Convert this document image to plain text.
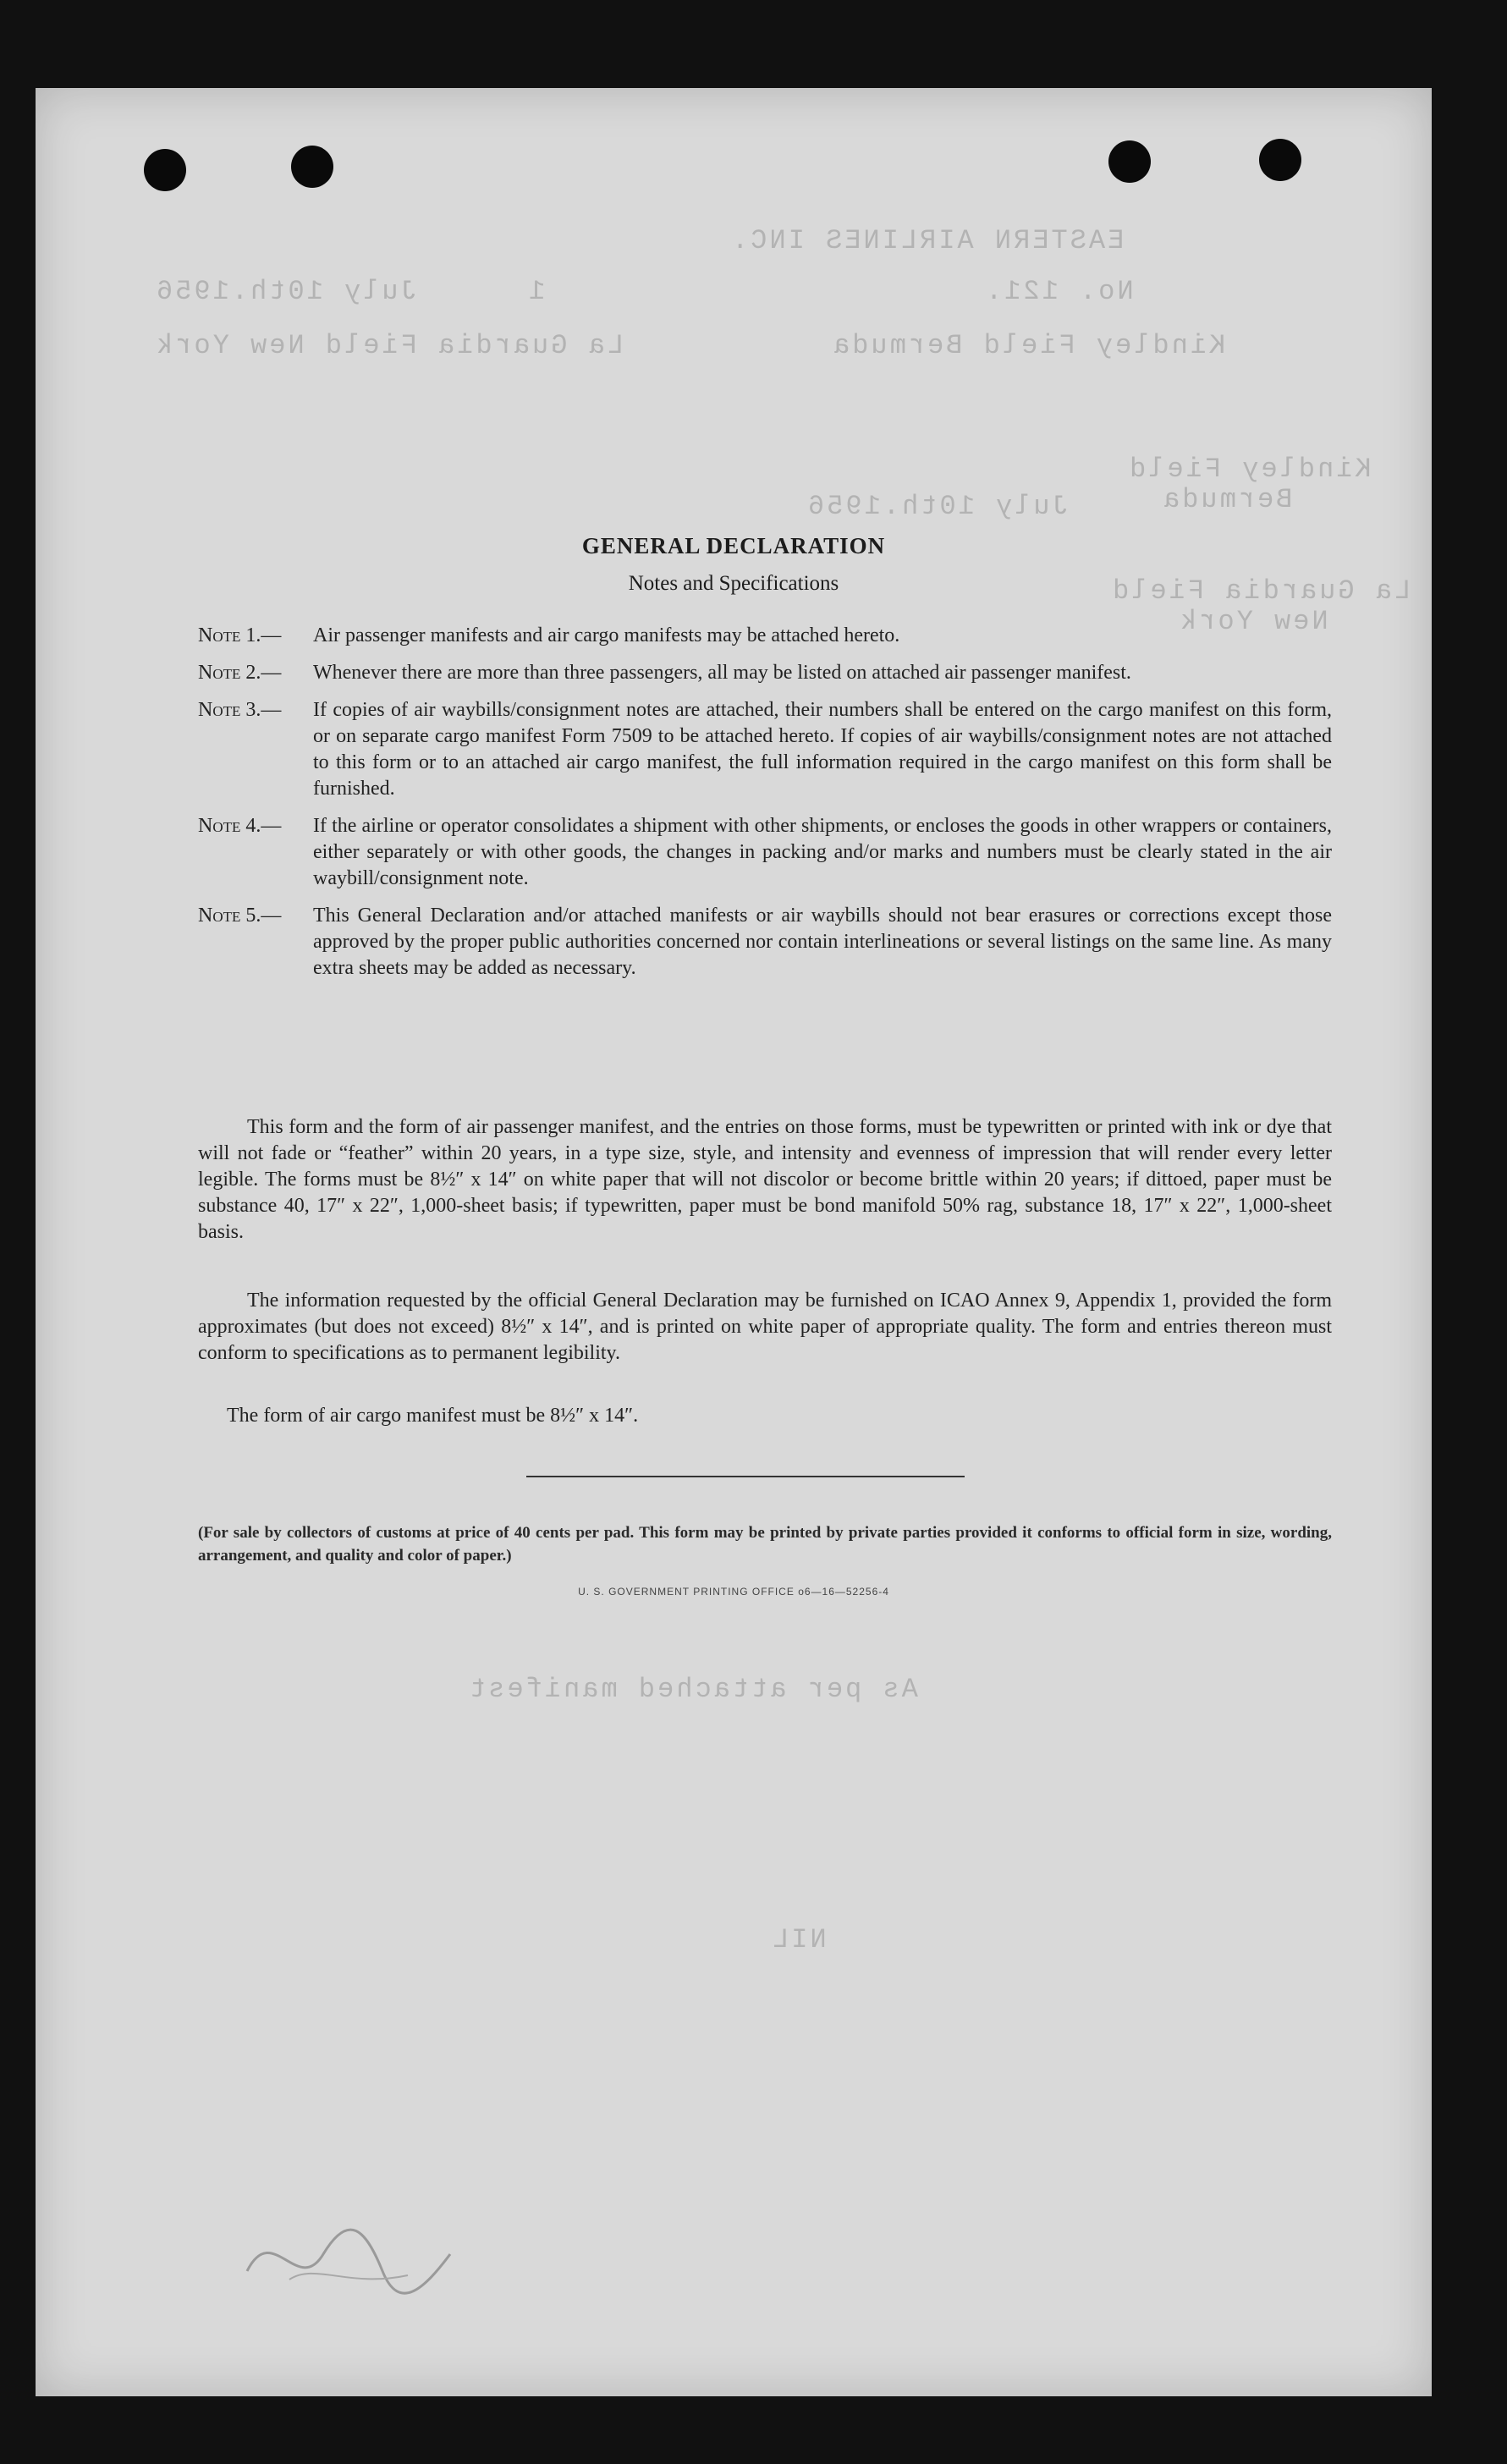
EASTERN AIRLINES INC.
No. 121.
1
July 10th.1956
Kindley Field Bermuda
La Guardia Field New York
Kindley Field
Bermuda
July 10th.1956
La Guardia Field
New York
As per attached manifest
NIL
GENERAL DECLARATION
Notes and Specifications
Note 1.—	Air passenger manifests and air cargo manifests may be attached hereto.
Note 2.—	Whenever there are more than three passengers, all may be listed on attached air passenger manifest.
Note 3.—	If copies of air waybills/consignment notes are attached, their numbers shall be entered on the cargo manifest on this form, or on separate cargo manifest Form 7509 to be attached hereto. If copies of air waybills/consignment notes are not attached to this form or to an attached air cargo manifest, the full information required in the cargo manifest on this form shall be furnished.
Note 4.—	If the airline or operator consolidates a shipment with other shipments, or encloses the goods in other wrappers or containers, either separately or with other goods, the changes in packing and/or marks and numbers must be clearly stated in the air waybill/consignment note.
Note 5.—	This General Declaration and/or attached manifests or air waybills should not bear erasures or corrections except those approved by the proper public authorities concerned nor contain interlineations or several listings on the same line. As many extra sheets may be added as necessary.
This form and the form of air passenger manifest, and the entries on those forms, must be typewritten or printed with ink or dye that will not fade or “feather” within 20 years, in a type size, style, and intensity and evenness of impression that will render every letter legible. The forms must be 8½″ x 14″ on white paper that will not discolor or become brittle within 20 years; if dittoed, paper must be substance 40, 17″ x 22″, 1,000-sheet basis; if typewritten, paper must be bond manifold 50% rag, substance 18, 17″ x 22″, 1,000-sheet basis.
The information requested by the official General Declaration may be furnished on ICAO Annex 9, Appendix 1, provided the form approximates (but does not exceed) 8½″ x 14″, and is printed on white paper of appropriate quality. The form and entries thereon must conform to specifications as to permanent legibility.
The form of air cargo manifest must be 8½″ x 14″.
(For sale by collectors of customs at price of 40 cents per pad. This form may be printed by private parties provided it conforms to official form in size, wording, arrangement, and quality and color of paper.)
U. S. GOVERNMENT PRINTING OFFICE o6—16—52256-4
